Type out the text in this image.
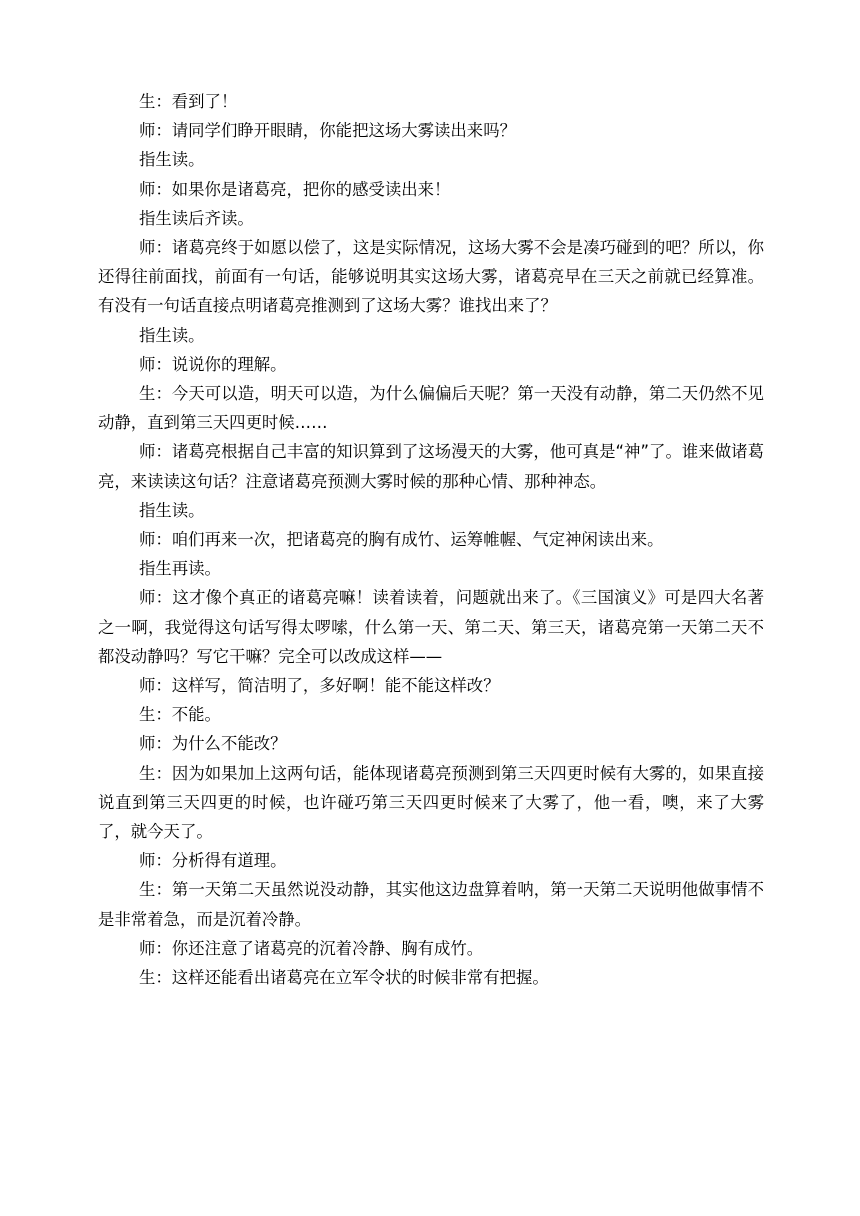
生：看到了！

师：请同学们睁开眼睛，你能把这场大雾读出来吗？

指生读。

师：如果你是诸葛亮，把你的感受读出来！

指生读后齐读。

师：诸葛亮终于如愿以偿了，这是实际情况，这场大雾不会是凑巧碰到的吧？所以，你还得往前面找，前面有一句话，能够说明其实这场大雾，诸葛亮早在三天之前就已经算准。有没有一句话直接点明诸葛亮推测到了这场大雾？谁找出来了？

指生读。

师：说说你的理解。

生：今天可以造，明天可以造，为什么偏偏后天呢？第一天没有动静，第二天仍然不见动静，直到第三天四更时候……

师：诸葛亮根据自己丰富的知识算到了这场漫天的大雾，他可真是“神”了。谁来做诸葛亮，来读读这句话？注意诸葛亮预测大雾时候的那种心情、那种神态。

指生读。

师：咱们再来一次，把诸葛亮的胸有成竹、运筹帷幄、气定神闲读出来。

指生再读。

师：这才像个真正的诸葛亮嘛！读着读着，问题就出来了。《三国演义》可是四大名著之一啊，我觉得这句话写得太啰嗦，什么第一天、第二天、第三天，诸葛亮第一天第二天不都没动静吗？写它干嘛？完全可以改成这样——

师：这样写，简洁明了，多好啊！能不能这样改？

生：不能。

师：为什么不能改？

生：因为如果加上这两句话，能体现诸葛亮预测到第三天四更时候有大雾的，如果直接说直到第三天四更的时候，也许碰巧第三天四更时候来了大雾了，他一看，噢，来了大雾了，就今天了。

师：分析得有道理。

生：第一天第二天虽然说没动静，其实他这边盘算着呐，第一天第二天说明他做事情不是非常着急，而是沉着冷静。

师：你还注意了诸葛亮的沉着冷静、胸有成竹。

生：这样还能看出诸葛亮在立军令状的时候非常有把握。
